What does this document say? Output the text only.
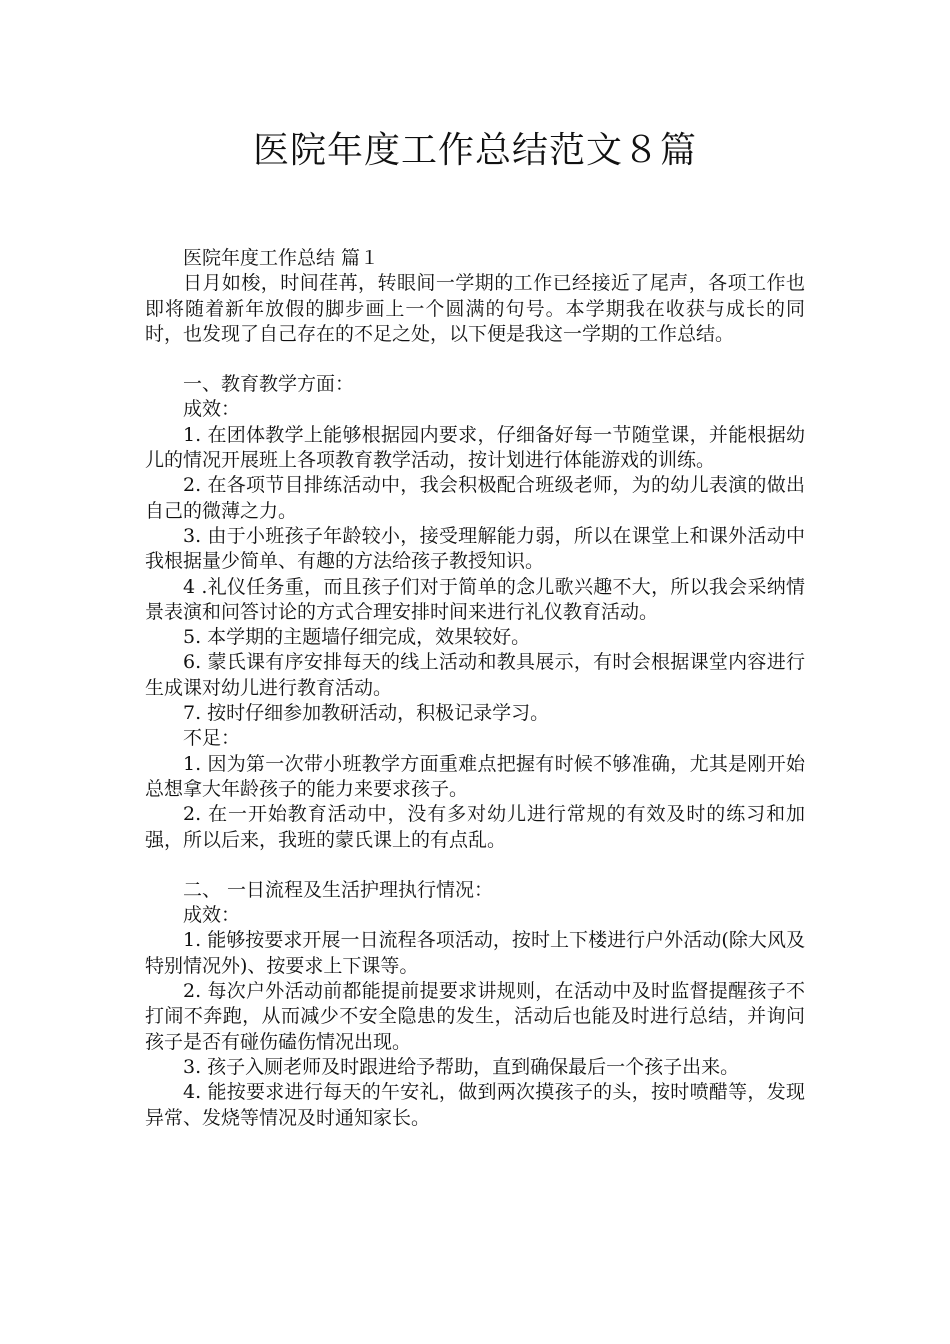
医院年度工作总结范文８篇

医院年度工作总结 篇１

日月如梭，时间荏苒，转眼间一学期的工作已经接近了尾声，各项工作也即将随着新年放假的脚步画上一个圆满的句号。本学期我在收获与成长的同时，也发现了自己存在的不足之处，以下便是我这一学期的工作总结。

一、教育教学方面：

成效：

1. 在团体教学上能够根据园内要求，仔细备好每一节随堂课，并能根据幼儿的情况开展班上各项教育教学活动，按计划进行体能游戏的训练。

2. 在各项节目排练活动中，我会积极配合班级老师，为的幼儿表演的做出自己的微薄之力。

3. 由于小班孩子年龄较小，接受理解能力弱，所以在课堂上和课外活动中我根据量少简单、有趣的方法给孩子教授知识。

4 .礼仪任务重，而且孩子们对于简单的念儿歌兴趣不大，所以我会采纳情景表演和问答讨论的方式合理安排时间来进行礼仪教育活动。

5. 本学期的主题墙仔细完成，效果较好。

6. 蒙氏课有序安排每天的线上活动和教具展示，有时会根据课堂内容进行生成课对幼儿进行教育活动。

7. 按时仔细参加教研活动，积极记录学习。

不足：

1. 因为第一次带小班教学方面重难点把握有时候不够准确，尤其是刚开始总想拿大年龄孩子的能力来要求孩子。

2. 在一开始教育活动中，没有多对幼儿进行常规的有效及时的练习和加强，所以后来，我班的蒙氏课上的有点乱。

二、 一日流程及生活护理执行情况：

成效：

1. 能够按要求开展一日流程各项活动，按时上下楼进行户外活动(除大风及特别情况外)、按要求上下课等。

2. 每次户外活动前都能提前提要求讲规则，在活动中及时监督提醒孩子不打闹不奔跑，从而减少不安全隐患的发生，活动后也能及时进行总结，并询问孩子是否有碰伤磕伤情况出现。

3. 孩子入厕老师及时跟进给予帮助，直到确保最后一个孩子出来。

4. 能按要求进行每天的午安礼，做到两次摸孩子的头，按时喷醋等，发现异常、发烧等情况及时通知家长。
